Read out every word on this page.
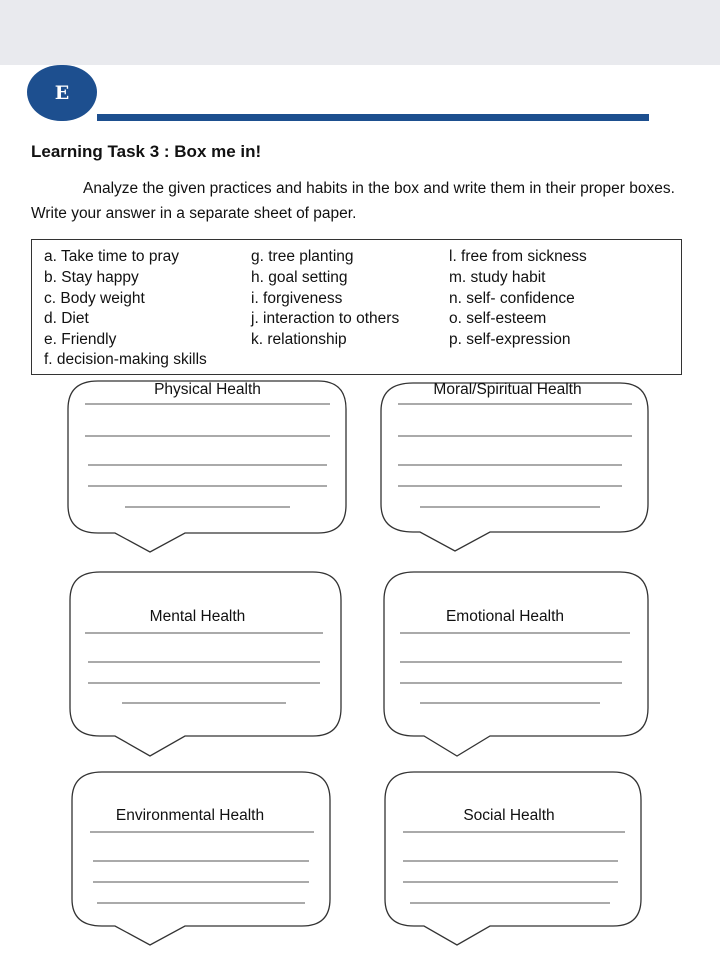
E
Learning Task 3 : Box me in!
Analyze the given practices and habits in the box and write them in their proper boxes. Write your answer in a separate sheet of paper.
a. Take time to pray
b. Stay happy
c. Body weight
d. Diet
e. Friendly
f. decision-making skills
g. tree planting
h. goal setting
i. forgiveness
j. interaction to others
k. relationship
l. free from sickness
m. study habit
n. self- confidence
o. self-esteem
p. self-expression
Physical Health	Moral/Spiritual Health
Mental Health	Emotional Health
Environmental Health	Social Health
